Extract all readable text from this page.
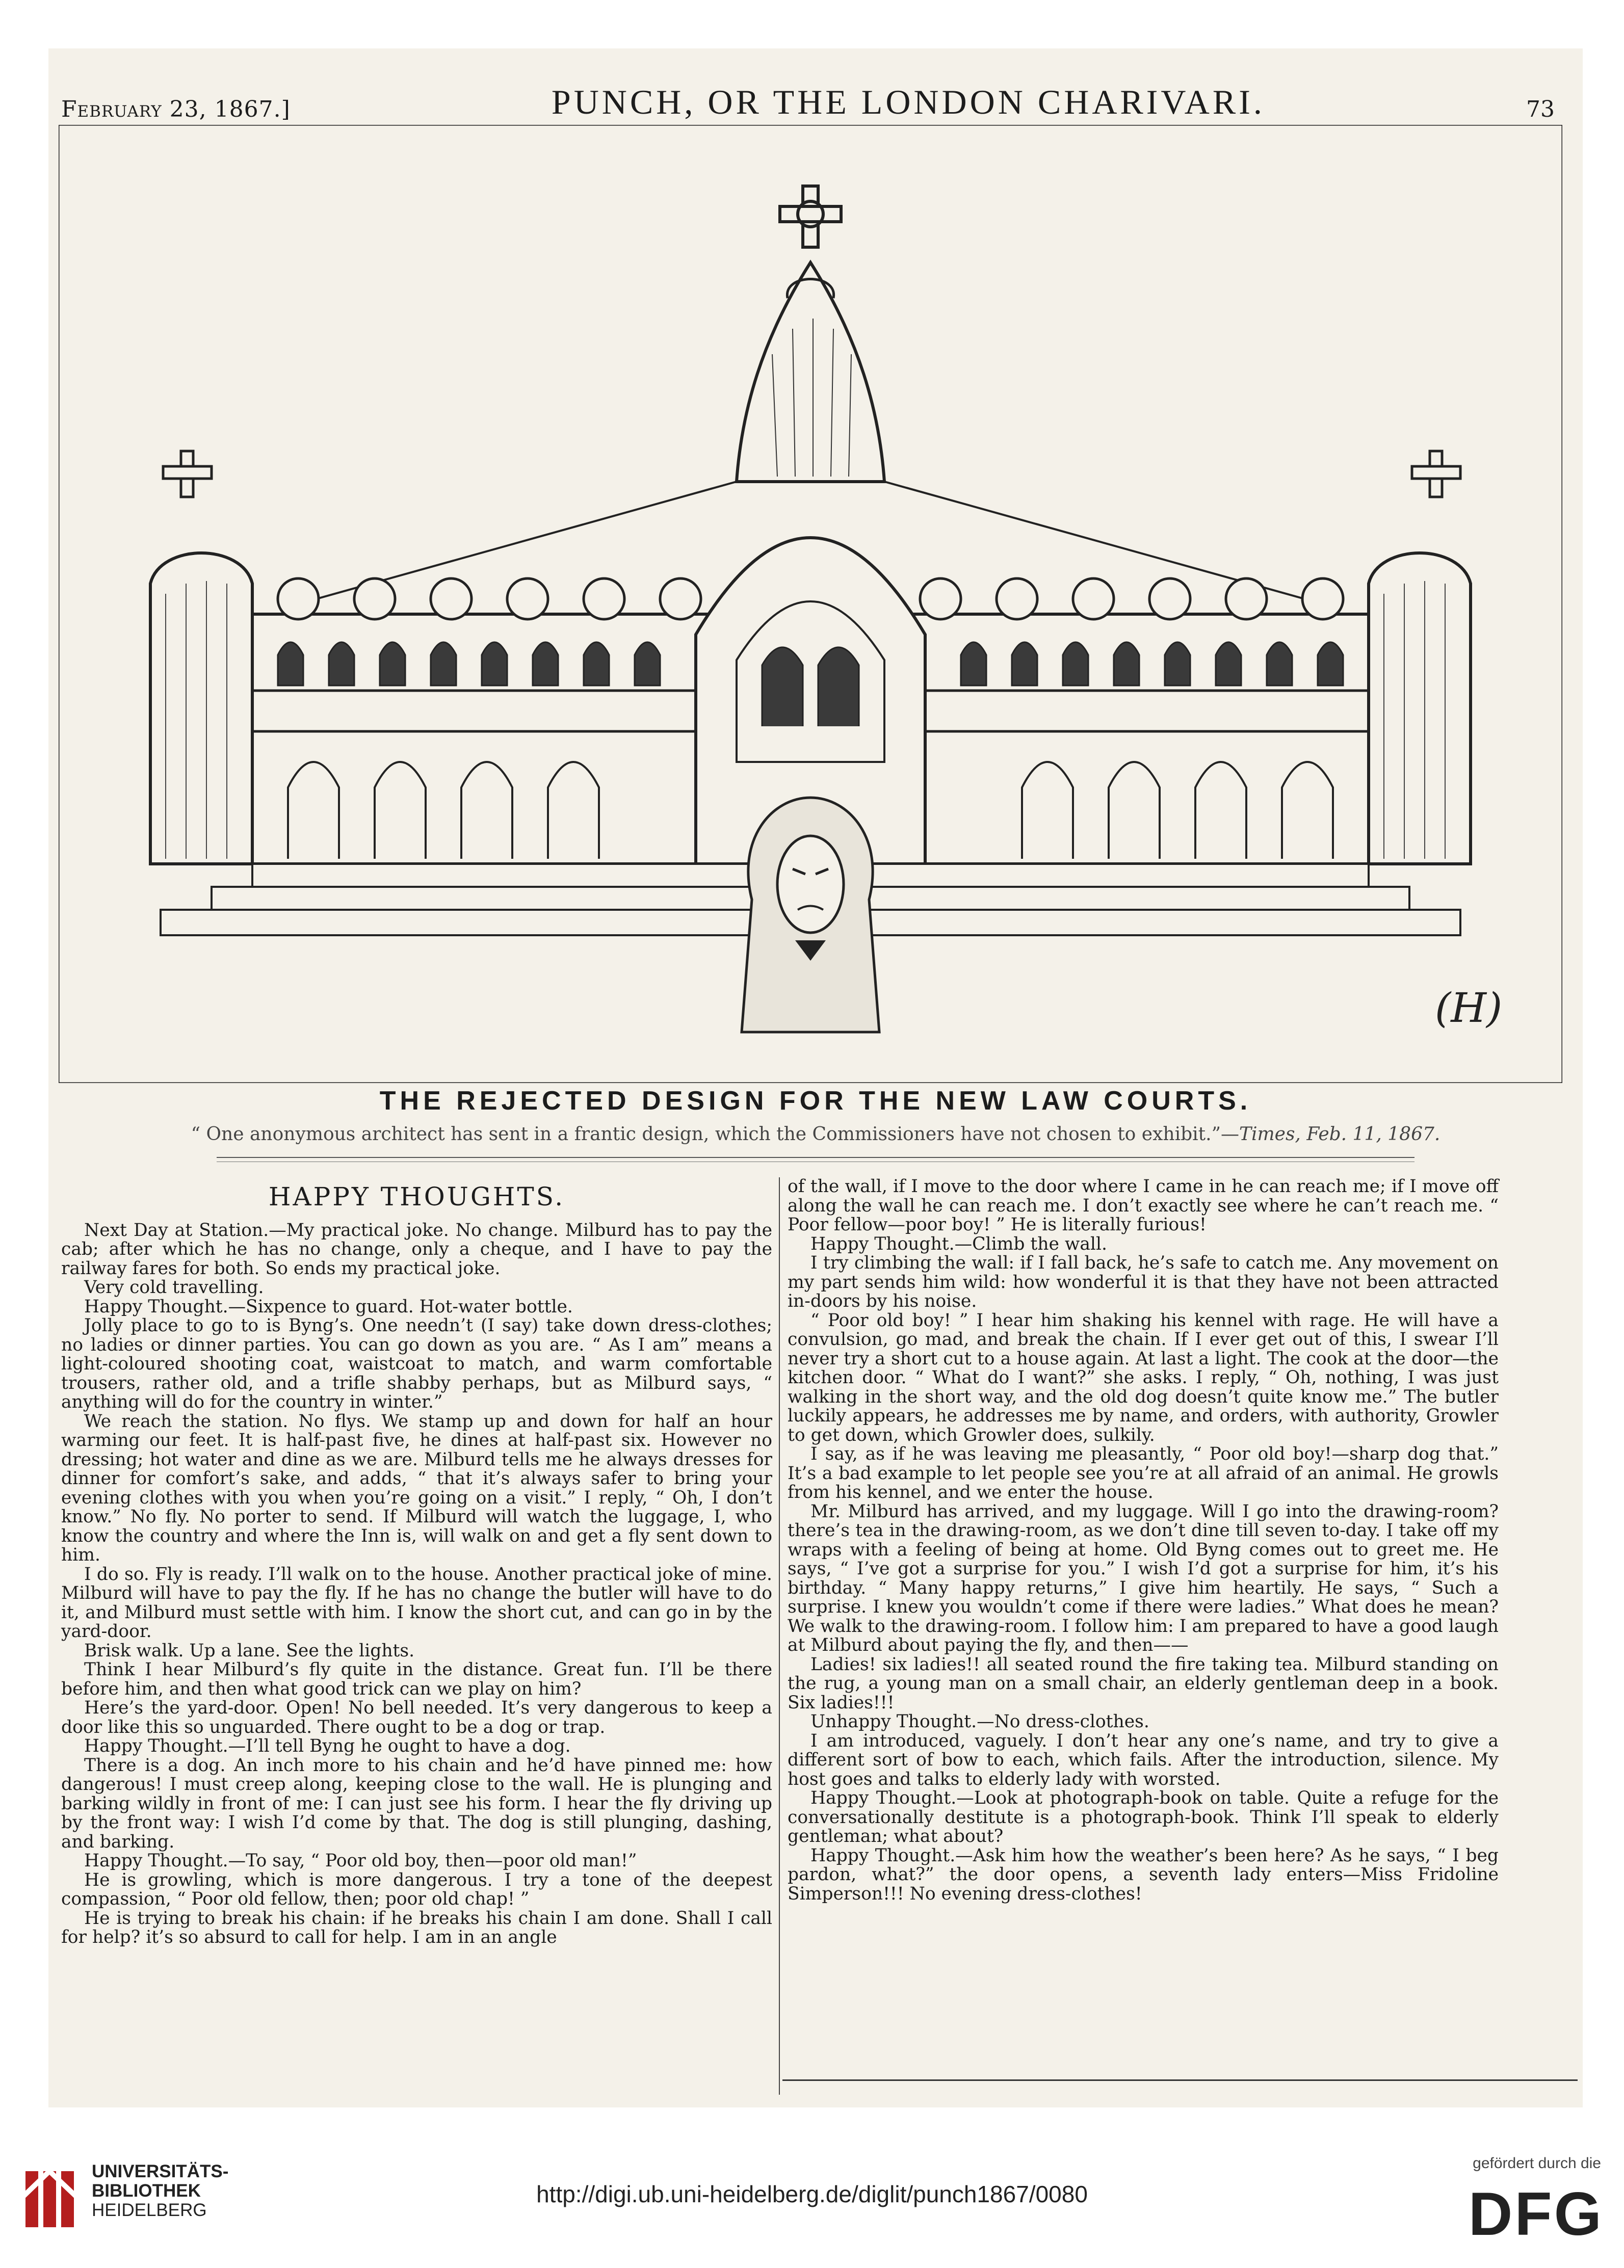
February 23, 1867.]	PUNCH, OR THE LONDON CHARIVARI.	73
(H)
THE REJECTED DESIGN FOR THE NEW LAW COURTS.
“ One anonymous architect has sent in a frantic design, which the Commissioners have not chosen to exhibit.”—Times, Feb. 11, 1867.
HAPPY THOUGHTS.

Next Day at Station.—My practical joke. No change. Milburd has to pay the cab; after which he has no change, only a cheque, and I have to pay the railway fares for both. So ends my practical joke.

Very cold travelling.

Happy Thought.—Sixpence to guard. Hot-water bottle.

Jolly place to go to is Byng’s. One needn’t (I say) take down dress-clothes; no ladies or dinner parties. You can go down as you are. “ As I am” means a light-coloured shooting coat, waistcoat to match, and warm comfortable trousers, rather old, and a trifle shabby perhaps, but as Milburd says, “ anything will do for the country in winter.”

We reach the station. No flys. We stamp up and down for half an hour warming our feet. It is half-past five, he dines at half-past six. However no dressing; hot water and dine as we are. Milburd tells me he always dresses for dinner for comfort’s sake, and adds, “ that it’s always safer to bring your evening clothes with you when you’re going on a visit.” I reply, “ Oh, I don’t know.” No fly. No porter to send. If Milburd will watch the luggage, I, who know the country and where the Inn is, will walk on and get a fly sent down to him.

I do so. Fly is ready. I’ll walk on to the house. Another practical joke of mine. Milburd will have to pay the fly. If he has no change the butler will have to do it, and Milburd must settle with him. I know the short cut, and can go in by the yard-door.

Brisk walk. Up a lane. See the lights.

Think I hear Milburd’s fly quite in the distance. Great fun. I’ll be there before him, and then what good trick can we play on him?

Here’s the yard-door. Open! No bell needed. It’s very dangerous to keep a door like this so unguarded. There ought to be a dog or trap.

Happy Thought.—I’ll tell Byng he ought to have a dog.

There is a dog. An inch more to his chain and he’d have pinned me: how dangerous! I must creep along, keeping close to the wall. He is plunging and barking wildly in front of me: I can just see his form. I hear the fly driving up by the front way: I wish I’d come by that. The dog is still plunging, dashing, and barking.

Happy Thought.—To say, “ Poor old boy, then—poor old man!”

He is growling, which is more dangerous. I try a tone of the deepest compassion, “ Poor old fellow, then; poor old chap! ”

He is trying to break his chain: if he breaks his chain I am done. Shall I call for help? it’s so absurd to call for help. I am in an angle

of the wall, if I move to the door where I came in he can reach me; if I move off along the wall he can reach me. I don’t exactly see where he can’t reach me. “ Poor fellow—poor boy! ” He is literally furious!

Happy Thought.—Climb the wall.

I try climbing the wall: if I fall back, he’s safe to catch me. Any movement on my part sends him wild: how wonderful it is that they have not been attracted in-doors by his noise.

“ Poor old boy! ” I hear him shaking his kennel with rage. He will have a convulsion, go mad, and break the chain. If I ever get out of this, I swear I’ll never try a short cut to a house again. At last a light. The cook at the door—the kitchen door. “ What do I want?” she asks. I reply, “ Oh, nothing, I was just walking in the short way, and the old dog doesn’t quite know me.” The butler luckily appears, he addresses me by name, and orders, with authority, Growler to get down, which Growler does, sulkily.

I say, as if he was leaving me pleasantly, “ Poor old boy!—sharp dog that.” It’s a bad example to let people see you’re at all afraid of an animal. He growls from his kennel, and we enter the house.

Mr. Milburd has arrived, and my luggage. Will I go into the drawing-room? there’s tea in the drawing-room, as we don’t dine till seven to-day. I take off my wraps with a feeling of being at home. Old Byng comes out to greet me. He says, “ I’ve got a surprise for you.” I wish I’d got a surprise for him, it’s his birthday. “ Many happy returns,” I give him heartily. He says, “ Such a surprise. I knew you wouldn’t come if there were ladies.” What does he mean? We walk to the drawing-room. I follow him: I am prepared to have a good laugh at Milburd about paying the fly, and then——

Ladies! six ladies!! all seated round the fire taking tea. Milburd standing on the rug, a young man on a small chair, an elderly gentleman deep in a book. Six ladies!!!

Unhappy Thought.—No dress-clothes.

I am introduced, vaguely. I don’t hear any one’s name, and try to give a different sort of bow to each, which fails. After the introduction, silence. My host goes and talks to elderly lady with worsted.

Happy Thought.—Look at photograph-book on table. Quite a refuge for the conversationally destitute is a photograph-book. Think I’ll speak to elderly gentleman; what about?

Happy Thought.—Ask him how the weather’s been here? As he says, “ I beg pardon, what?” the door opens, a seventh lady enters—Miss Fridoline Simperson!!! No evening dress-clothes!

UNIVERSITÄTS-
BIBLIOTHEK
HEIDELBERG
http://digi.ub.uni-heidelberg.de/diglit/punch1867/0080
gefördert durch die
DFG
